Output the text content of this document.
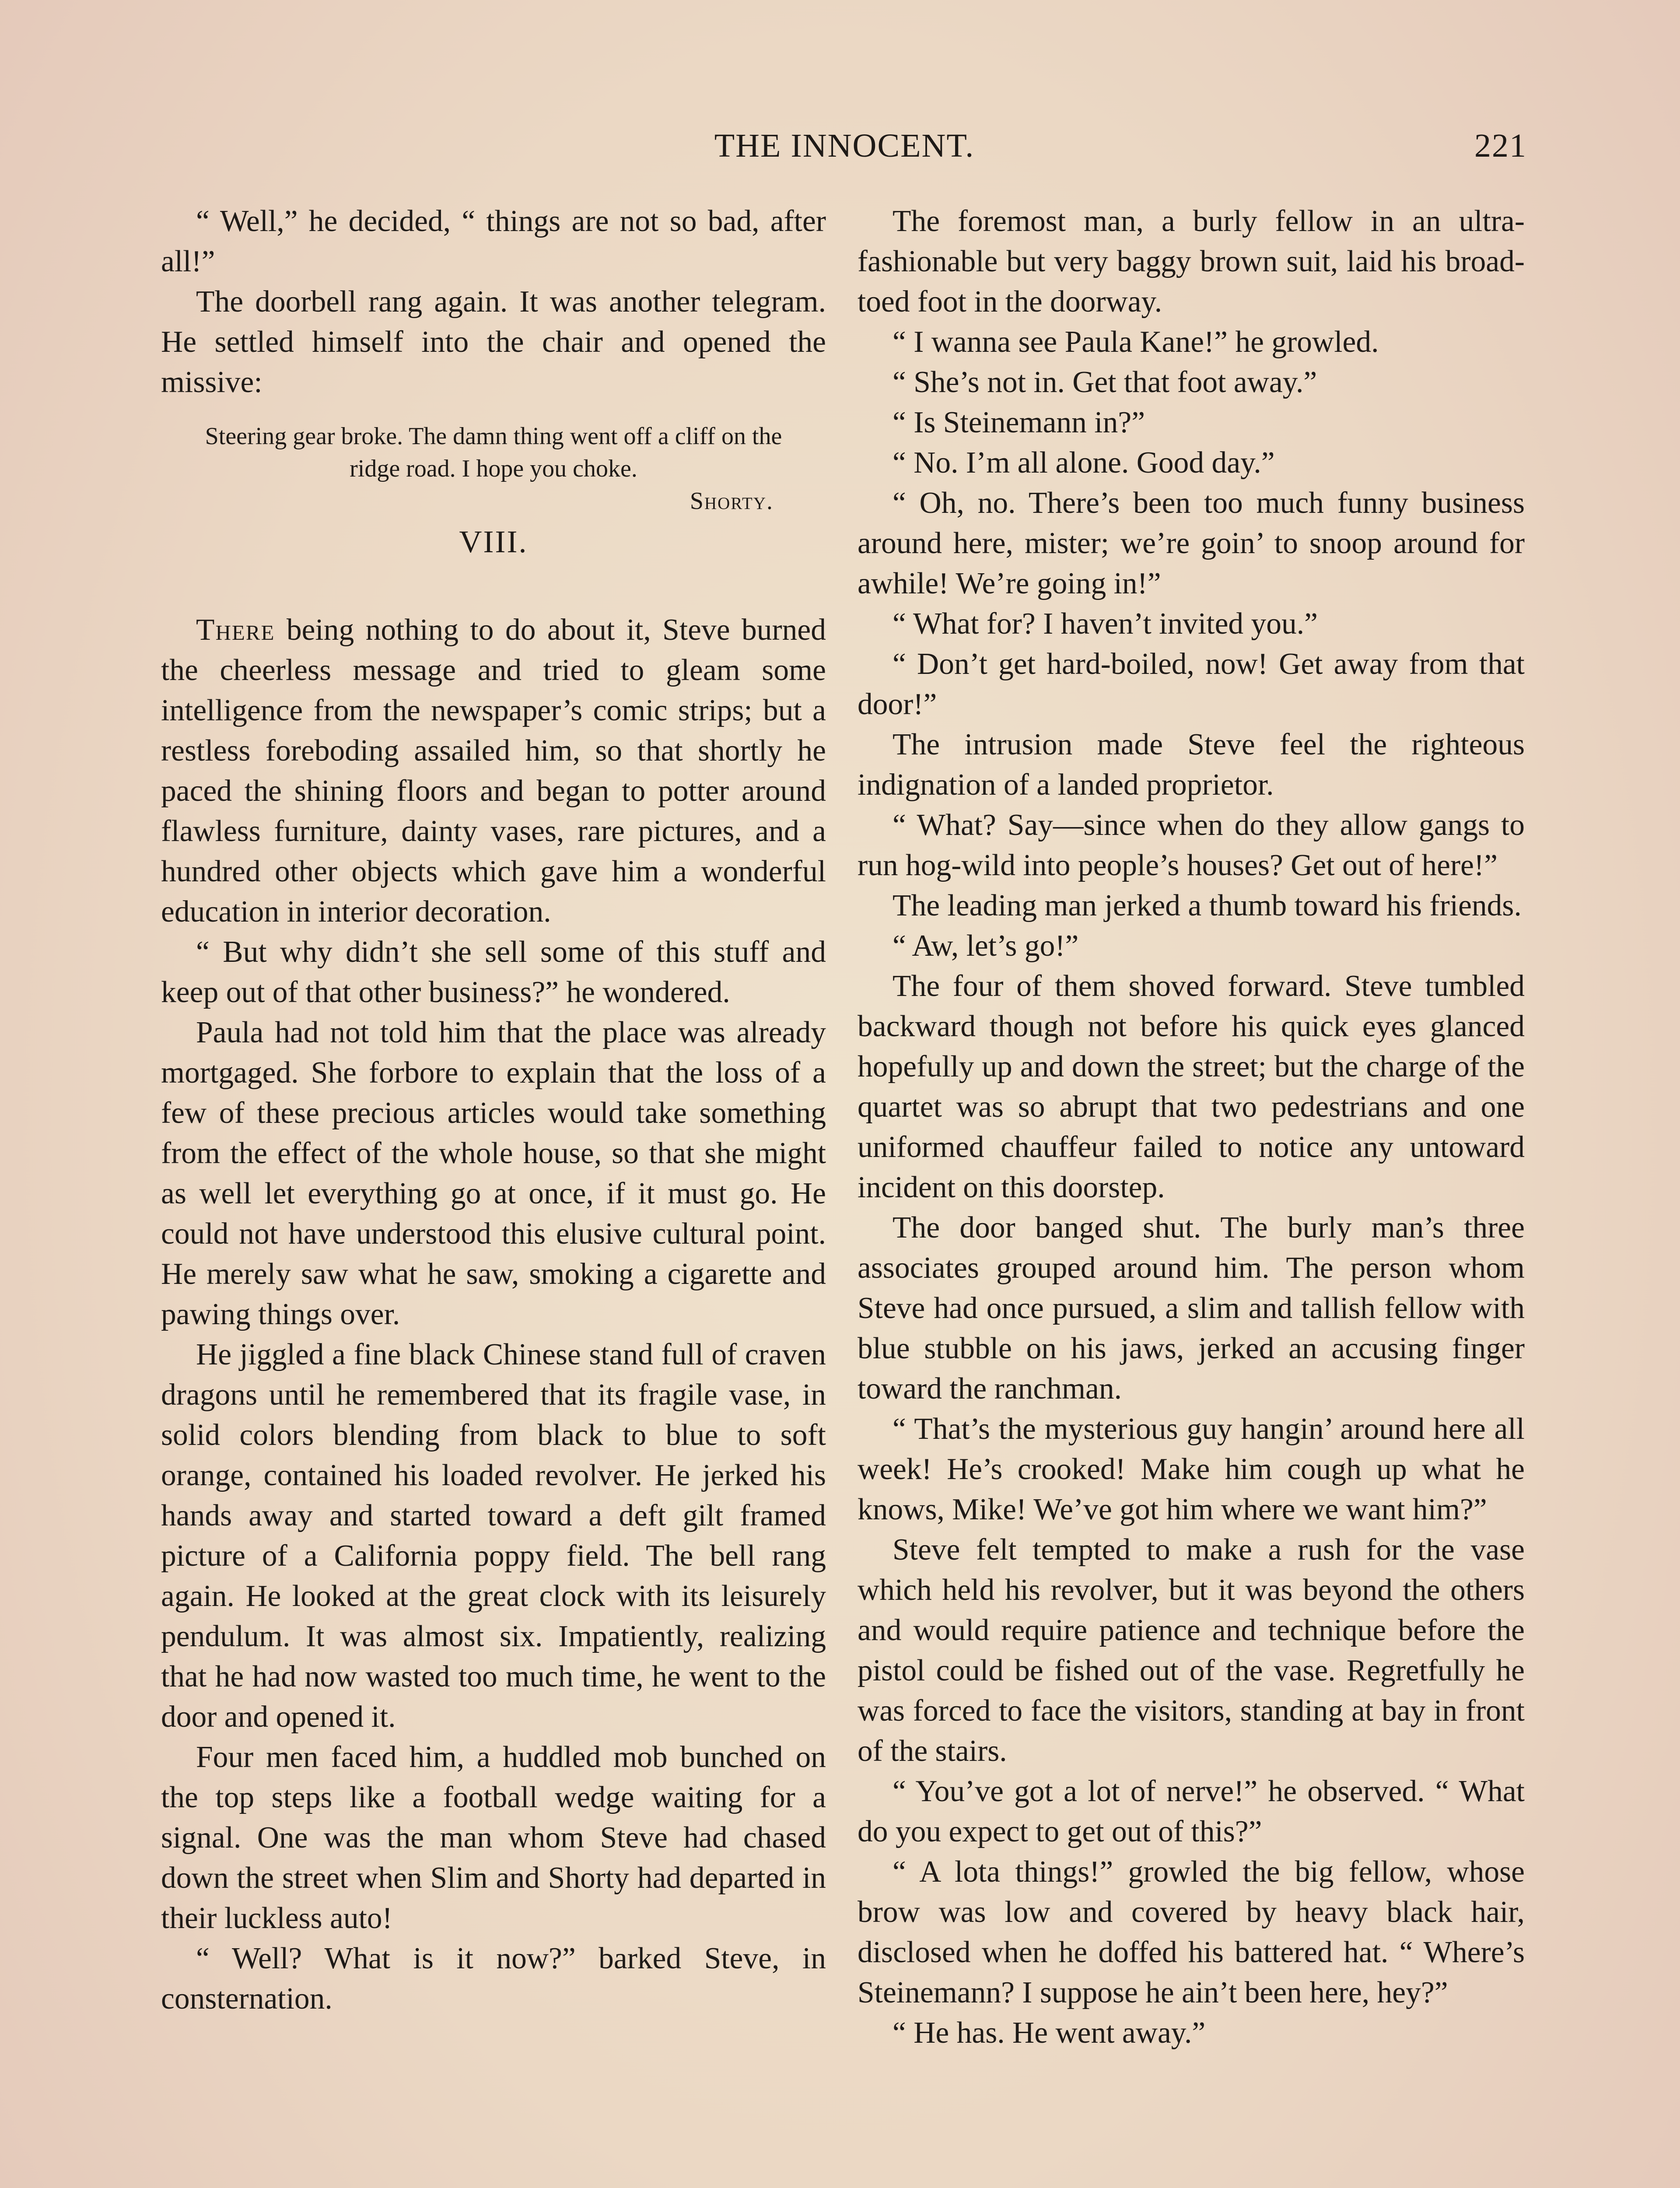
THE INNOCENT.	221

“ Well,” he decided, “ things are not so bad, after all!”

The doorbell rang again. It was another telegram. He settled himself into the chair and opened the missive:

Steering gear broke. The damn thing went off a cliff on the ridge road. I hope you choke.
Shorty.
VIII.

There being nothing to do about it, Steve burned the cheerless message and tried to gleam some intelligence from the newspaper’s comic strips; but a restless foreboding assailed him, so that shortly he paced the shining floors and began to potter around flawless furniture, dainty vases, rare pictures, and a hundred other objects which gave him a wonderful education in interior decoration.

“ But why didn’t she sell some of this stuff and keep out of that other business?” he wondered.

Paula had not told him that the place was already mortgaged. She forbore to explain that the loss of a few of these precious articles would take something from the effect of the whole house, so that she might as well let everything go at once, if it must go. He could not have understood this elusive cultural point. He merely saw what he saw, smoking a cigarette and pawing things over.

He jiggled a fine black Chinese stand full of craven dragons until he remembered that its fragile vase, in solid colors blending from black to blue to soft orange, contained his loaded revolver. He jerked his hands away and started toward a deft gilt framed picture of a California poppy field. The bell rang again. He looked at the great clock with its leisurely pendulum. It was almost six. Impatiently, realizing that he had now wasted too much time, he went to the door and opened it.

Four men faced him, a huddled mob bunched on the top steps like a football wedge waiting for a signal. One was the man whom Steve had chased down the street when Slim and Shorty had departed in their luckless auto!

“ Well? What is it now?” barked Steve, in consternation.

The foremost man, a burly fellow in an ultra-fashionable but very baggy brown suit, laid his broad-toed foot in the doorway.

“ I wanna see Paula Kane!” he growled.

“ She’s not in. Get that foot away.”

“ Is Steinemann in?”

“ No. I’m all alone. Good day.”

“ Oh, no. There’s been too much funny business around here, mister; we’re goin’ to snoop around for awhile! We’re going in!”

“ What for? I haven’t invited you.”

“ Don’t get hard-boiled, now! Get away from that door!”

The intrusion made Steve feel the righteous indignation of a landed proprietor.

“ What? Say—since when do they allow gangs to run hog-wild into people’s houses? Get out of here!”

The leading man jerked a thumb toward his friends.

“ Aw, let’s go!”

The four of them shoved forward. Steve tumbled backward though not before his quick eyes glanced hopefully up and down the street; but the charge of the quartet was so abrupt that two pedestrians and one uniformed chauffeur failed to notice any untoward incident on this doorstep.

The door banged shut. The burly man’s three associates grouped around him. The person whom Steve had once pursued, a slim and tallish fellow with blue stubble on his jaws, jerked an accusing finger toward the ranchman.

“ That’s the mysterious guy hangin’ around here all week! He’s crooked! Make him cough up what he knows, Mike! We’ve got him where we want him?”

Steve felt tempted to make a rush for the vase which held his revolver, but it was beyond the others and would require patience and technique before the pistol could be fished out of the vase. Regretfully he was forced to face the visitors, standing at bay in front of the stairs.

“ You’ve got a lot of nerve!” he observed. “ What do you expect to get out of this?”

“ A lota things!” growled the big fellow, whose brow was low and covered by heavy black hair, disclosed when he doffed his battered hat. “ Where’s Steinemann? I suppose he ain’t been here, hey?”

“ He has. He went away.”
